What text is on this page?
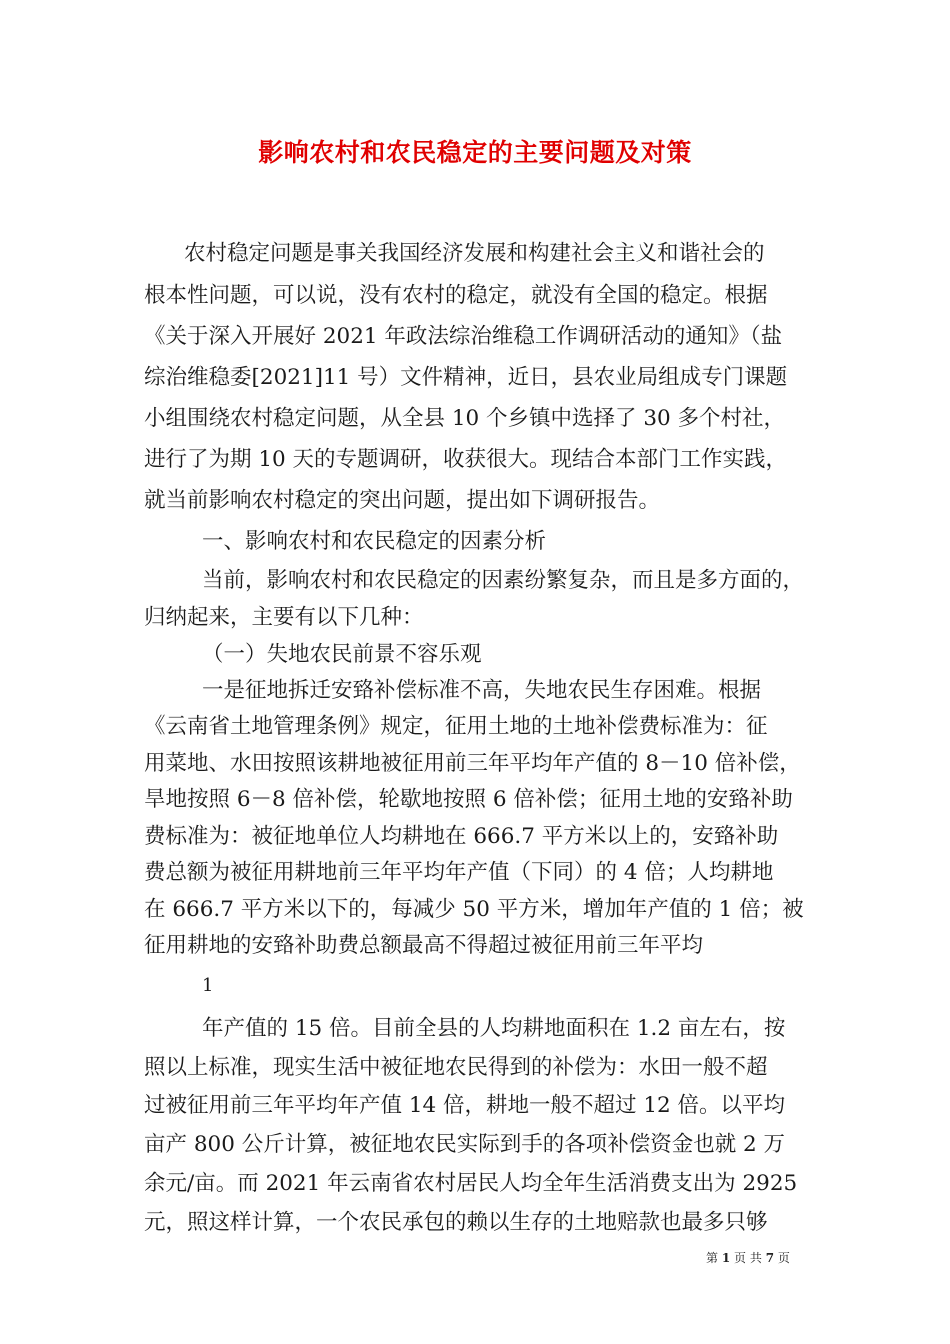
影响农村和农民稳定的主要问题及对策
农村稳定问题是事关我国经济发展和构建社会主义和谐社会的
根本性问题，可以说，没有农村的稳定，就没有全国的稳定。根据
《关于深入开展好 2021 年政法综治维稳工作调研活动的通知》（盐
综治维稳委[2021]11 号）文件精神，近日，县农业局组成专门课题
小组围绕农村稳定问题，从全县 10 个乡镇中选择了 30 多个村社，
进行了为期 10 天的专题调研，收获很大。现结合本部门工作实践，
就当前影响农村稳定的突出问题，提出如下调研报告。
一、影响农村和农民稳定的因素分析
当前，影响农村和农民稳定的因素纷繁复杂，而且是多方面的，
归纳起来，主要有以下几种：
（一）失地农民前景不容乐观
一是征地拆迁安臵补偿标准不高，失地农民生存困难。根据
《云南省土地管理条例》规定，征用土地的土地补偿费标准为：征
用菜地、水田按照该耕地被征用前三年平均年产值的 8－10 倍补偿，
旱地按照 6－8 倍补偿，轮歇地按照 6 倍补偿；征用土地的安臵补助
费标准为：被征地单位人均耕地在 666.7 平方米以上的，安臵补助
费总额为被征用耕地前三年平均年产值（下同）的 4 倍；人均耕地
在 666.7 平方米以下的，每减少 50 平方米，增加年产值的 1 倍；被
征用耕地的安臵补助费总额最高不得超过被征用前三年平均
1
年产值的 15 倍。目前全县的人均耕地面积在 1.2 亩左右，按
照以上标准，现实生活中被征地农民得到的补偿为：水田一般不超
过被征用前三年平均年产值 14 倍，耕地一般不超过 12 倍。以平均
亩产 800 公斤计算，被征地农民实际到手的各项补偿资金也就 2 万
余元/亩。而 2021 年云南省农村居民人均全年生活消费支出为 2925
元，照这样计算，一个农民承包的赖以生存的土地赔款也最多只够
第 1 页 共 7 页
